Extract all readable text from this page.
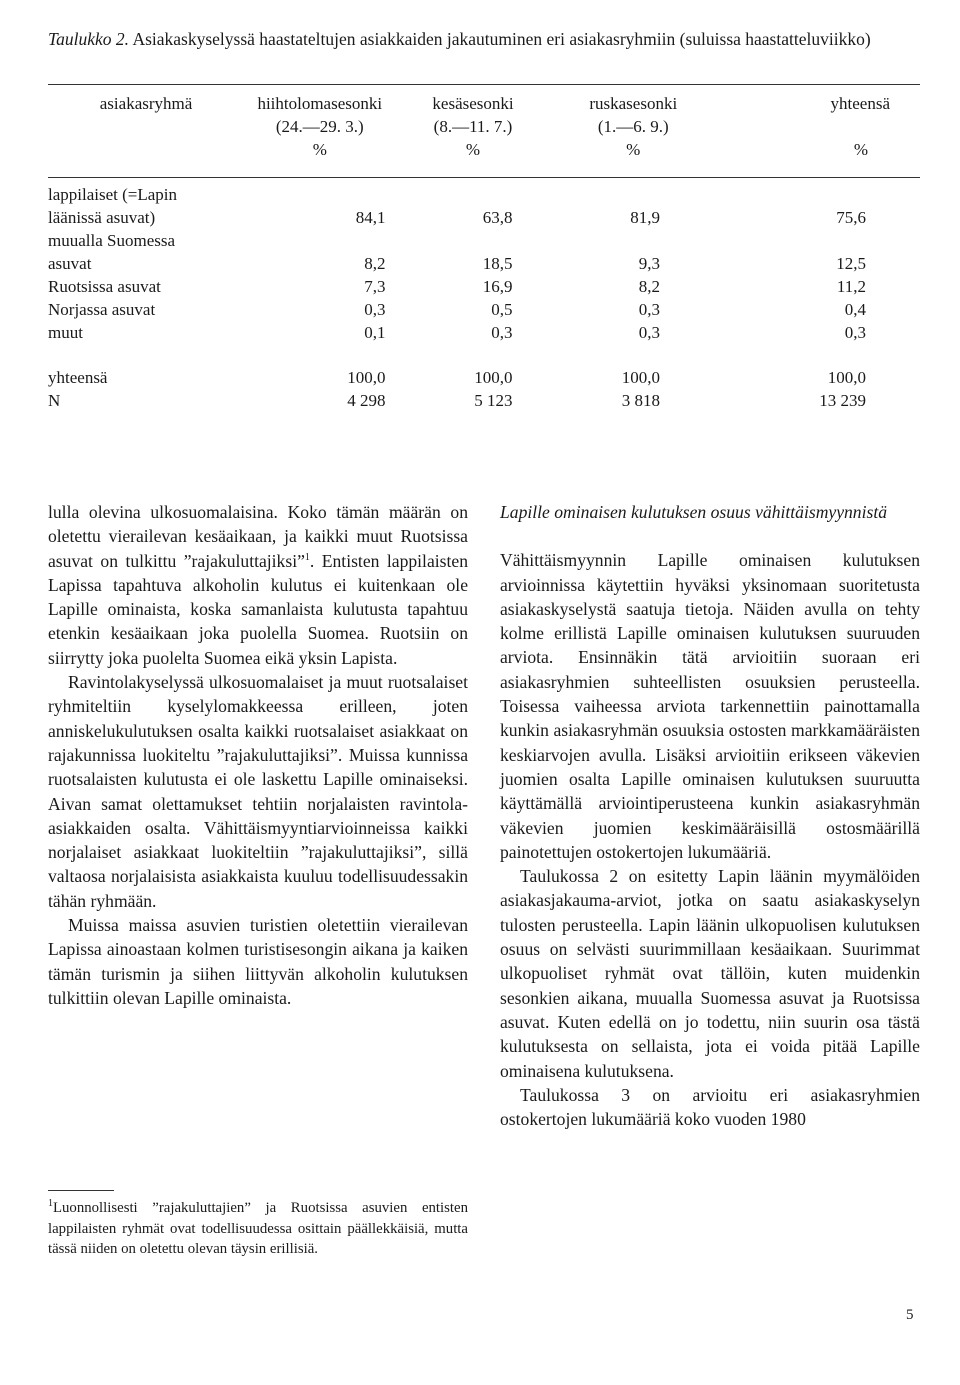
Taulukko 2. Asiakaskyselyssä haastateltujen asiakkaiden jakautuminen eri asiakasryhmiin (suluissa haastatteluviikko)
asiakasryhmä	hiihtolomasesonki	kesäsesonki	ruskasesonki	yhteensä
	(24.—29. 3.)	(8.—11. 7.)	(1.—6. 9.)	
	%	%	%	%

lappilaiset (=Lapin				
läänissä asuvat)	84,1	63,8	81,9	75,6
muualla Suomessa				
asuvat	8,2	18,5	9,3	12,5
Ruotsissa asuvat	7,3	16,9	8,2	11,2
Norjassa asuvat	0,3	0,5	0,3	0,4
muut	0,1	0,3	0,3	0,3

yhteensä	100,0	100,0	100,0	100,0
N	4 298	5 123	3 818	13 239

lulla olevina ulkosuomalaisina. Koko tämän määrän on oletettu vierailevan kesäaikaan, ja kaikki muut Ruotsissa asuvat on tulkittu ”rajakuluttajiksi”$^1$. Entisten lappilaisten Lapissa tapahtuva alkoholin kulutus ei kuitenkaan ole Lapille ominaista, koska samanlaista kulutusta tapahtuu etenkin kesäaikaan joka puolella Suomea. Ruotsiin on siirrytty joka puolelta Suomea eikä yksin Lapista.

Ravintolakyselyssä ulkosuomalaiset ja muut ruotsalaiset ryhmiteltiin kyselylomakkeessa erilleen, joten anniskelukulutuksen osalta kaikki ruotsalaiset asiakkaat on rajakunnissa luokiteltu ”rajakuluttajiksi”. Muissa kunnissa ruotsalaisten kulutusta ei ole laskettu Lapille ominaiseksi. Aivan samat olettamukset tehtiin norjalaisten ravintola-asiakkaiden osalta. Vähittäismyyntiarvioinneissa kaikki norjalaiset asiakkaat luokiteltiin ”rajakuluttajiksi”, sillä valtaosa norjalaisista asiakkaista kuuluu todellisuudessakin tähän ryhmään.

Muissa maissa asuvien turistien oletettiin vierailevan Lapissa ainoastaan kolmen turistisesongin aikana ja kaiken tämän turismin ja siihen liittyvän alkoholin kulutuksen tulkittiin olevan Lapille ominaista.

$^1$Luonnollisesti ”rajakuluttajien” ja Ruotsissa asuvien entisten lappilaisten ryhmät ovat todellisuudessa osittain päällekkäisiä, mutta tässä niiden on oletettu olevan täysin erillisiä.

Lapille ominaisen kulutuksen osuus vähittäismyynnistä

Vähittäismyynnin Lapille ominaisen kulutuksen arvioinnissa käytettiin hyväksi yksinomaan suoritetusta asiakaskyselystä saatuja tietoja. Näiden avulla on tehty kolme erillistä Lapille ominaisen kulutuksen suuruuden arviota. Ensinnäkin tätä arvioitiin suoraan eri asiakasryhmien suhteellisten osuuksien perusteella. Toisessa vaiheessa arviota tarkennettiin painottamalla kunkin asiakasryhmän osuuksia ostosten markkamääräisten keskiarvojen avulla. Lisäksi arvioitiin erikseen väkevien juomien osalta Lapille ominaisen kulutuksen suuruutta käyttämällä arviointiperusteena kunkin asiakasryhmän väkevien juomien keskimääräisillä ostosmäärillä painotettujen ostokertojen lukumääriä.

Taulukossa 2 on esitetty Lapin läänin myymälöiden asiakasjakauma-arviot, jotka on saatu asiakaskyselyn tulosten perusteella. Lapin läänin ulkopuolisen kulutuksen osuus on selvästi suurimmillaan kesäaikaan. Suurimmat ulkopuoliset ryhmät ovat tällöin, kuten muidenkin sesonkien aikana, muualla Suomessa asuvat ja Ruotsissa asuvat. Kuten edellä on jo todettu, niin suurin osa tästä kulutuksesta on sellaista, jota ei voida pitää Lapille ominaisena kulutuksena.

Taulukossa 3 on arvioitu eri asiakasryhmien ostokertojen lukumääriä koko vuoden 1980

5
